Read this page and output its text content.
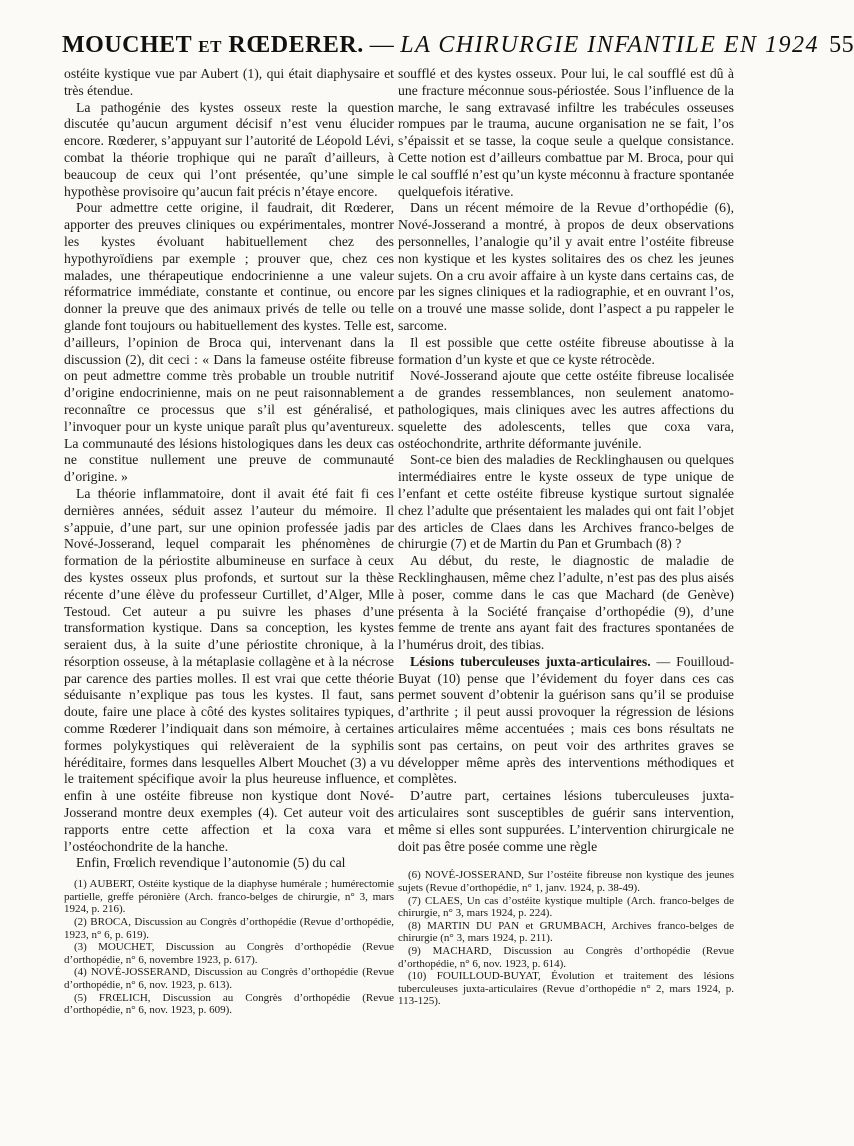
MOUCHET et RŒDERER. — LA CHIRURGIE INFANTILE EN 1924 55

ostéite kystique vue par Aubert (1), qui était diaphysaire et très étendue.

La pathogénie des kystes osseux reste la question discutée qu’aucun argument décisif n’est venu élucider encore. Rœderer, s’appuyant sur l’autorité de Léopold Lévi, combat la théorie trophique qui ne paraît d’ailleurs, à beaucoup de ceux qui l’ont présentée, qu’une simple hypothèse provisoire qu’aucun fait précis n’étaye encore.

Pour admettre cette origine, il faudrait, dit Rœderer, apporter des preuves cliniques ou expérimentales, montrer les kystes évoluant habituellement chez des hypothyroïdiens par exemple ; prouver que, chez ces malades, une thérapeutique endocrinienne a une valeur réformatrice immédiate, constante et continue, ou encore donner la preuve que des animaux privés de telle ou telle glande font toujours ou habituellement des kystes. Telle est, d’ailleurs, l’opinion de Broca qui, intervenant dans la discussion (2), dit ceci : « Dans la fameuse ostéite fibreuse on peut admettre comme très probable un trouble nutritif d’origine endocrinienne, mais on ne peut raisonnablement reconnaître ce processus que s’il est généralisé, et l’invoquer pour un kyste unique paraît plus qu’aventureux. La communauté des lésions histologiques dans les deux cas ne constitue nullement une preuve de communauté d’origine. »

La théorie inflammatoire, dont il avait été fait fi ces dernières années, séduit assez l’auteur du mémoire. Il s’appuie, d’une part, sur une opinion professée jadis par Nové-Josserand, lequel comparait les phénomènes de formation de la périostite albumineuse en surface à ceux des kystes osseux plus profonds, et surtout sur la thèse récente d’une élève du professeur Curtillet, d’Alger, Mlle Testoud. Cet auteur a pu suivre les phases d’une transformation kystique. Dans sa conception, les kystes seraient dus, à la suite d’une périostite chronique, à la résorption osseuse, à la métaplasie collagène et à la nécrose par carence des parties molles. Il est vrai que cette théorie séduisante n’explique pas tous les kystes. Il faut, sans doute, faire une place à côté des kystes solitaires typiques, comme Rœderer l’indiquait dans son mémoire, à certaines formes polykystiques qui relèveraient de la syphilis héréditaire, formes dans lesquelles Albert Mouchet (3) a vu le traitement spécifique avoir la plus heureuse influence, et enfin à une ostéite fibreuse non kystique dont Nové-Josserand montre deux exemples (4). Cet auteur voit des rapports entre cette affection et la coxa vara et l’ostéochondrite de la hanche.

Enfin, Frœlich revendique l’autonomie (5) du cal

(1) AUBERT, Ostéite kystique de la diaphyse humérale ; humérectomie partielle, greffe péronière (Arch. franco-belges de chirurgie, n° 3, mars 1924, p. 216).

(2) BROCA, Discussion au Congrès d’orthopédie (Revue d’orthopédie, 1923, n° 6, p. 619).

(3) MOUCHET, Discussion au Congrès d’orthopédie (Revue d’orthopédie, n° 6, novembre 1923, p. 617).

(4) NOVÉ-JOSSERAND, Discussion au Congrès d’orthopédie (Revue d’orthopédie, n° 6, nov. 1923, p. 613).

(5) FRŒLICH, Discussion au Congrès d’orthopédie (Revue d’orthopédie, n° 6, nov. 1923, p. 609).

soufflé et des kystes osseux. Pour lui, le cal soufflé est dû à une fracture méconnue sous-périostée. Sous l’influence de la marche, le sang extravasé infiltre les trabécules osseuses rompues par le trauma, aucune organisation ne se fait, l’os s’épaissit et se tasse, la coque seule a quelque consistance. Cette notion est d’ailleurs combattue par M. Broca, pour qui le cal soufflé n’est qu’un kyste méconnu à fracture spontanée quelquefois itérative.

Dans un récent mémoire de la Revue d’orthopédie (6), Nové-Josserand a montré, à propos de deux observations personnelles, l’analogie qu’il y avait entre l’ostéite fibreuse non kystique et les kystes solitaires des os chez les jeunes sujets. On a cru avoir affaire à un kyste dans certains cas, de par les signes cliniques et la radiographie, et en ouvrant l’os, on a trouvé une masse solide, dont l’aspect a pu rappeler le sarcome.

Il est possible que cette ostéite fibreuse aboutisse à la formation d’un kyste et que ce kyste rétrocède.

Nové-Josserand ajoute que cette ostéite fibreuse localisée a de grandes ressemblances, non seulement anatomo-pathologiques, mais cliniques avec les autres affections du squelette des adolescents, telles que coxa vara, ostéochondrite, arthrite déformante juvénile.

Sont-ce bien des maladies de Recklinghausen ou quelques intermédiaires entre le kyste osseux de type unique de l’enfant et cette ostéite fibreuse kystique surtout signalée chez l’adulte que présentaient les malades qui ont fait l’objet des articles de Claes dans les Archives franco-belges de chirurgie (7) et de Martin du Pan et Grumbach (8) ?

Au début, du reste, le diagnostic de maladie de Recklinghausen, même chez l’adulte, n’est pas des plus aisés à poser, comme dans le cas que Machard (de Genève) présenta à la Société française d’orthopédie (9), d’une femme de trente ans ayant fait des fractures spontanées de l’humérus droit, des tibias.

Lésions tuberculeuses juxta-articulaires. — Fouilloud-Buyat (10) pense que l’évidement du foyer dans ces cas permet souvent d’obtenir la guérison sans qu’il se produise d’arthrite ; il peut aussi provoquer la régression de lésions articulaires même accentuées ; mais ces bons résultats ne sont pas certains, on peut voir des arthrites graves se développer même après des interventions méthodiques et complètes.

D’autre part, certaines lésions tuberculeuses juxta-articulaires sont susceptibles de guérir sans intervention, même si elles sont suppurées. L’intervention chirurgicale ne doit pas être posée comme une règle

(6) NOVÉ-JOSSERAND, Sur l’ostéite fibreuse non kystique des jeunes sujets (Revue d’orthopédie, n° 1, janv. 1924, p. 38-49).

(7) CLAES, Un cas d’ostéite kystique multiple (Arch. franco-belges de chirurgie, n° 3, mars 1924, p. 224).

(8) MARTIN DU PAN et GRUMBACH, Archives franco-belges de chirurgie (n° 3, mars 1924, p. 211).

(9) MACHARD, Discussion au Congrès d’orthopédie (Revue d’orthopédie, n° 6, nov. 1923, p. 614).

(10) FOUILLOUD-BUYAT, Évolution et traitement des lésions tuberculeuses juxta-articulaires (Revue d’orthopédie n° 2, mars 1924, p. 113-125).
